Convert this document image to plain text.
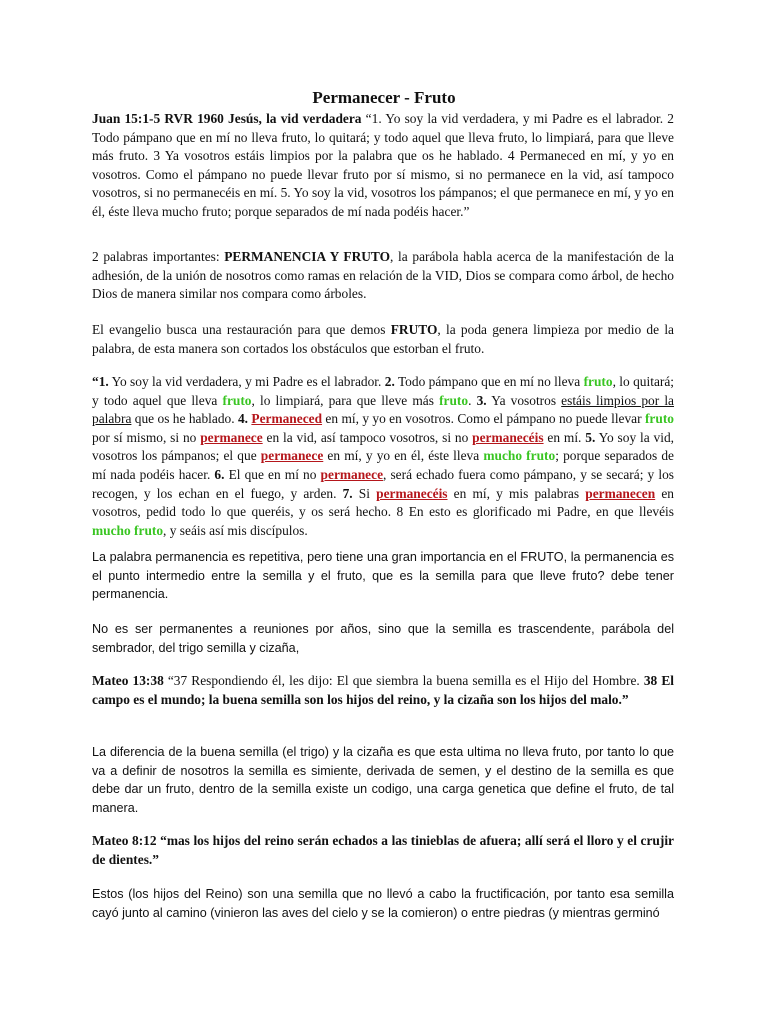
Permanecer - Fruto

Juan 15:1-5 RVR 1960 Jesús, la vid verdadera “1. Yo soy la vid verdadera, y mi Padre es el labrador. 2 Todo pámpano que en mí no lleva fruto, lo quitará; y todo aquel que lleva fruto, lo limpiará, para que lleve más fruto. 3 Ya vosotros estáis limpios por la palabra que os he hablado. 4 Permaneced en mí, y yo en vosotros. Como el pámpano no puede llevar fruto por sí mismo, si no permanece en la vid, así tampoco vosotros, si no permanecéis en mí. 5. Yo soy la vid, vosotros los pámpanos; el que permanece en mí, y yo en él, éste lleva mucho fruto; porque separados de mí nada podéis hacer.”

2 palabras importantes: PERMANENCIA Y FRUTO, la parábola habla acerca de la manifestación de la adhesión, de la unión de nosotros como ramas en relación de la VID, Dios se compara como árbol, de hecho Dios de manera similar nos compara como árboles.

El evangelio busca una restauración para que demos FRUTO, la poda genera limpieza por medio de la palabra, de esta manera son cortados los obstáculos que estorban el fruto.

“1. Yo soy la vid verdadera, y mi Padre es el labrador. 2. Todo pámpano que en mí no lleva fruto, lo quitará; y todo aquel que lleva fruto, lo limpiará, para que lleve más fruto. 3. Ya vosotros estáis limpios por la palabra que os he hablado. 4. Permaneced en mí, y yo en vosotros. Como el pámpano no puede llevar fruto por sí mismo, si no permanece en la vid, así tampoco vosotros, si no permanecéis en mí. 5. Yo soy la vid, vosotros los pámpanos; el que permanece en mí, y yo en él, éste lleva mucho fruto; porque separados de mí nada podéis hacer. 6. El que en mí no permanece, será echado fuera como pámpano, y se secará; y los recogen, y los echan en el fuego, y arden. 7. Si permanecéis en mí, y mis palabras permanecen en vosotros, pedid todo lo que queréis, y os será hecho. 8 En esto es glorificado mi Padre, en que llevéis mucho fruto, y seáis así mis discípulos.

La palabra permanencia es repetitiva, pero tiene una gran importancia en el FRUTO, la permanencia es el punto intermedio entre la semilla y el fruto, que es la semilla para que lleve fruto? debe tener permanencia.

No es ser permanentes a reuniones por años, sino que la semilla es trascendente, parábola del sembrador, del trigo semilla y cizaña,

Mateo 13:38 “37 Respondiendo él, les dijo: El que siembra la buena semilla es el Hijo del Hombre. 38 El campo es el mundo; la buena semilla son los hijos del reino, y la cizaña son los hijos del malo.”

La diferencia de la buena semilla (el trigo) y la cizaña es que esta ultima no lleva fruto, por tanto lo que va a definir de nosotros la semilla es simiente, derivada de semen, y el destino de la semilla es que debe dar un fruto, dentro de la semilla existe un codigo, una carga genetica que define el fruto, de tal manera.

Mateo 8:12 “mas los hijos del reino serán echados a las tinieblas de afuera; allí será el lloro y el crujir de dientes.”

Estos (los hijos del Reino) son una semilla que no llevó a cabo la fructificación, por tanto esa semilla cayó junto al camino (vinieron las aves del cielo y se la comieron) o entre piedras (y mientras germinó
